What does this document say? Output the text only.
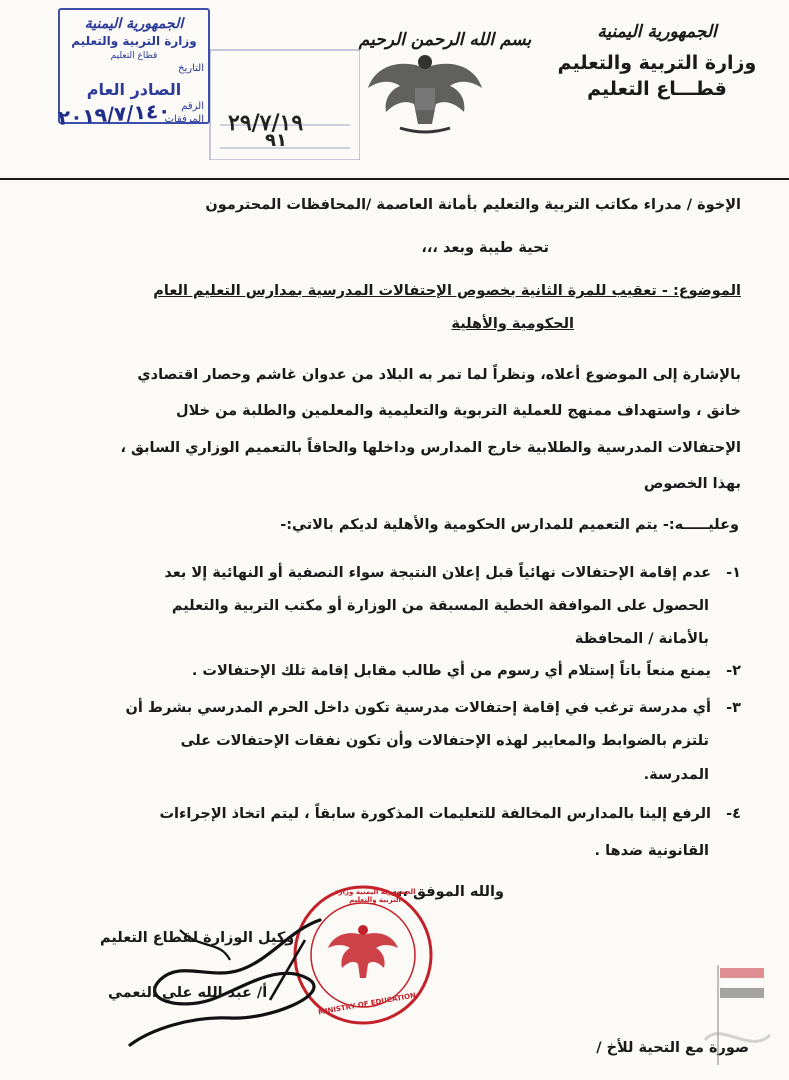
الجمهورية اليمنية
وزارة التربية والتعليم
قطـــاع التعليم
بسم الله الرحمن الرحيم
٢٩/٧/١٩
٩١
الجمهورية اليمنية
وزارة التربية والتعليم
قطاع التعليم
التاريخ
الصادر العام
الرقم
المرفقات
٢٠١٩/٧/١٤٠
الإخوة / مدراء مكاتب التربية والتعليم بأمانة العاصمة /المحافظات المحترمون
تحية طيبة وبعد ،،،
الموضوع: - تعقيب للمرة الثانية بخصوص الإحتفالات المدرسية بمدارس التعليم العام
الحكومية والأهلية
بالإشارة إلى الموضوع أعلاه، ونظراً لما تمر به البلاد من عدوان غاشم وحصار اقتصادي
خانق ، واستهداف ممنهج للعملية التربوية والتعليمية والمعلمين والطلبة من خلال
الإحتفالات المدرسية والطلابية خارج المدارس وداخلها والحاقاً بالتعميم الوزاري السابق ،
بهذا الخصوص
وعليـــــه:- يتم التعميم للمدارس الحكومية والأهلية لديكم بالاتي:-
١-
عدم إقامة الإحتفالات نهائياً قبل إعلان النتيجة سواء النصفية أو النهائية إلا بعد
الحصول على الموافقة الخطية المسبقة من الوزارة أو مكتب التربية والتعليم
بالأمانة / المحافظة
٢-
يمنع منعاً باتاً إستلام أي رسوم من أي طالب مقابل إقامة تلك الإحتفالات .
٣-
أي مدرسة ترغب في إقامة إحتفالات مدرسية تكون داخل الحرم المدرسي بشرط أن
تلتزم بالضوابط والمعايير لهذه الإحتفالات وأن تكون نفقات الإحتفالات على
المدرسة.
٤-
الرفع إلينا بالمدارس المخالفة للتعليمات المذكورة سابقاً ، ليتم اتخاذ الإجراءات
القانونية ضدها .
والله الموفق ،،،
MINISTRY OF EDUCATION
الجمهورية اليمنية وزارة التربية والتعليم
وكيل الوزارة لقطاع التعليم
أ/ عبد الله علي النعمي
صورة مع التحية للأخ /
